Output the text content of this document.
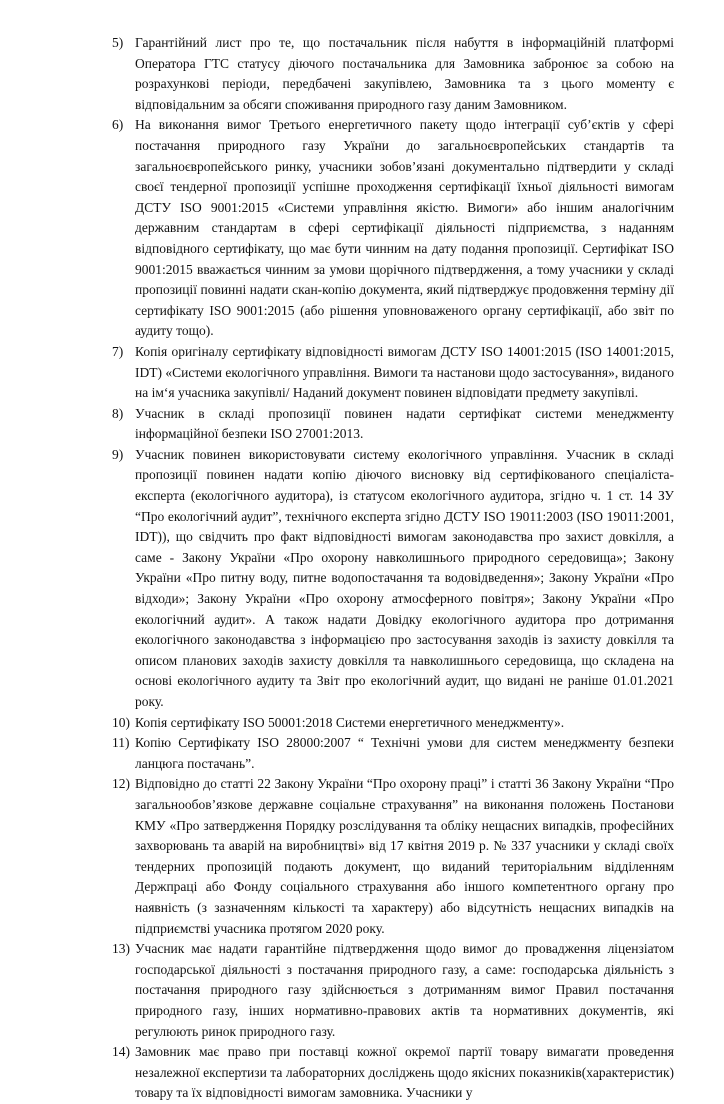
5) Гарантійний лист про те, що постачальник після набуття в інформаційній платформі Оператора ГТС статусу діючого постачальника для Замовника забронює за собою на розрахункові періоди, передбачені закупівлею, Замовника та з цього моменту є відповідальним за обсяги споживання природного газу даним Замовником.
6) На виконання вимог Третього енергетичного пакету щодо інтеграції суб’єктів у сфері постачання природного газу України до загальноєвропейських стандартів та загальноєвропейського ринку, учасники зобов’язані документально підтвердити у складі своєї тендерної пропозиції успішне проходження сертифікації їхньої діяльності вимогам ДСТУ ISO 9001:2015 «Системи управління якістю. Вимоги» або іншим аналогічним державним стандартам в сфері сертифікації діяльності підприємства, з наданням відповідного сертифікату, що має бути чинним на дату подання пропозиції. Сертифікат ISO 9001:2015 вважається чинним за умови щорічного підтвердження, а тому учасники у складі пропозиції повинні надати скан-копію документа, який підтверджує продовження терміну дії сертифікату ISO 9001:2015 (або рішення уповноваженого органу сертифікації, або звіт по аудиту тощо).
7) Копія оригіналу сертифікату відповідності вимогам ДСТУ ISO 14001:2015 (ISO 14001:2015, IDT) «Системи екологічного управління. Вимоги та настанови щодо застосування», виданого на ім‘я учасника закупівлі/ Наданий документ повинен відповідати предмету закупівлі.
8) Учасник в складі пропозиції повинен надати сертифікат системи менеджменту інформаційної безпеки ISO 27001:2013.
9) Учасник повинен використовувати систему екологічного управління. Учасник в складі пропозиції повинен надати копію діючого висновку від сертифікованого спеціаліста-експерта (екологічного аудитора), із статусом екологічного аудитора, згідно ч. 1 ст. 14 ЗУ “Про екологічний аудит”, технічного експерта згідно ДСТУ ISO 19011:2003 (ISO 19011:2001, IDT)), що свідчить про факт відповідності вимогам законодавства про захист довкілля, а саме - Закону України «Про охорону навколишнього природного середовища»; Закону України «Про питну воду, питне водопостачання та водовідведення»; Закону України «Про відходи»; Закону України «Про охорону атмосферного повітря»; Закону України «Про екологічний аудит». А також надати Довідку екологічного аудитора про дотримання екологічного законодавства з інформацією про застосування заходів із захисту довкілля та описом планових заходів захисту довкілля та навколишнього середовища, що складена на основі екологічного аудиту та Звіт про екологічний аудит, що видані не раніше 01.01.2021 року.
10) Копія сертифікату ISO 50001:2018 Системи енергетичного менеджменту».
11) Копію Сертифікату ISO 28000:2007 “ Технічні умови для систем менеджменту безпеки ланцюга постачань”.
12) Відповідно до статті 22 Закону України “Про охорону праці” і статті 36 Закону України “Про загальнообов’язкове державне соціальне страхування” на виконання положень Постанови КМУ «Про затвердження Порядку розслідування та обліку нещасних випадків, професійних захворювань та аварій на виробництві» від 17 квітня 2019 р. № 337 учасники у складі своїх тендерних пропозицій подають документ, що виданий територіальним відділенням Держпраці або Фонду соціального страхування або іншого компетентного органу про наявність (з зазначенням кількості та характеру) або відсутність нещасних випадків на підприємстві учасника протягом 2020 року.
13) Учасник має надати гарантійне підтвердження щодо вимог до провадження ліцензіатом господарської діяльності з постачання природного газу, а саме: господарська діяльність з постачання природного газу здійснюється з дотриманням вимог Правил постачання природного газу, інших нормативно-правових актів та нормативних документів, які регулюють ринок природного газу.
14) Замовник має право при поставці кожної окремої партії товару вимагати проведення незалежної експертизи та лабораторних досліджень щодо якісних показників(характеристик) товару та їх відповідності вимогам замовника. Учасники у
